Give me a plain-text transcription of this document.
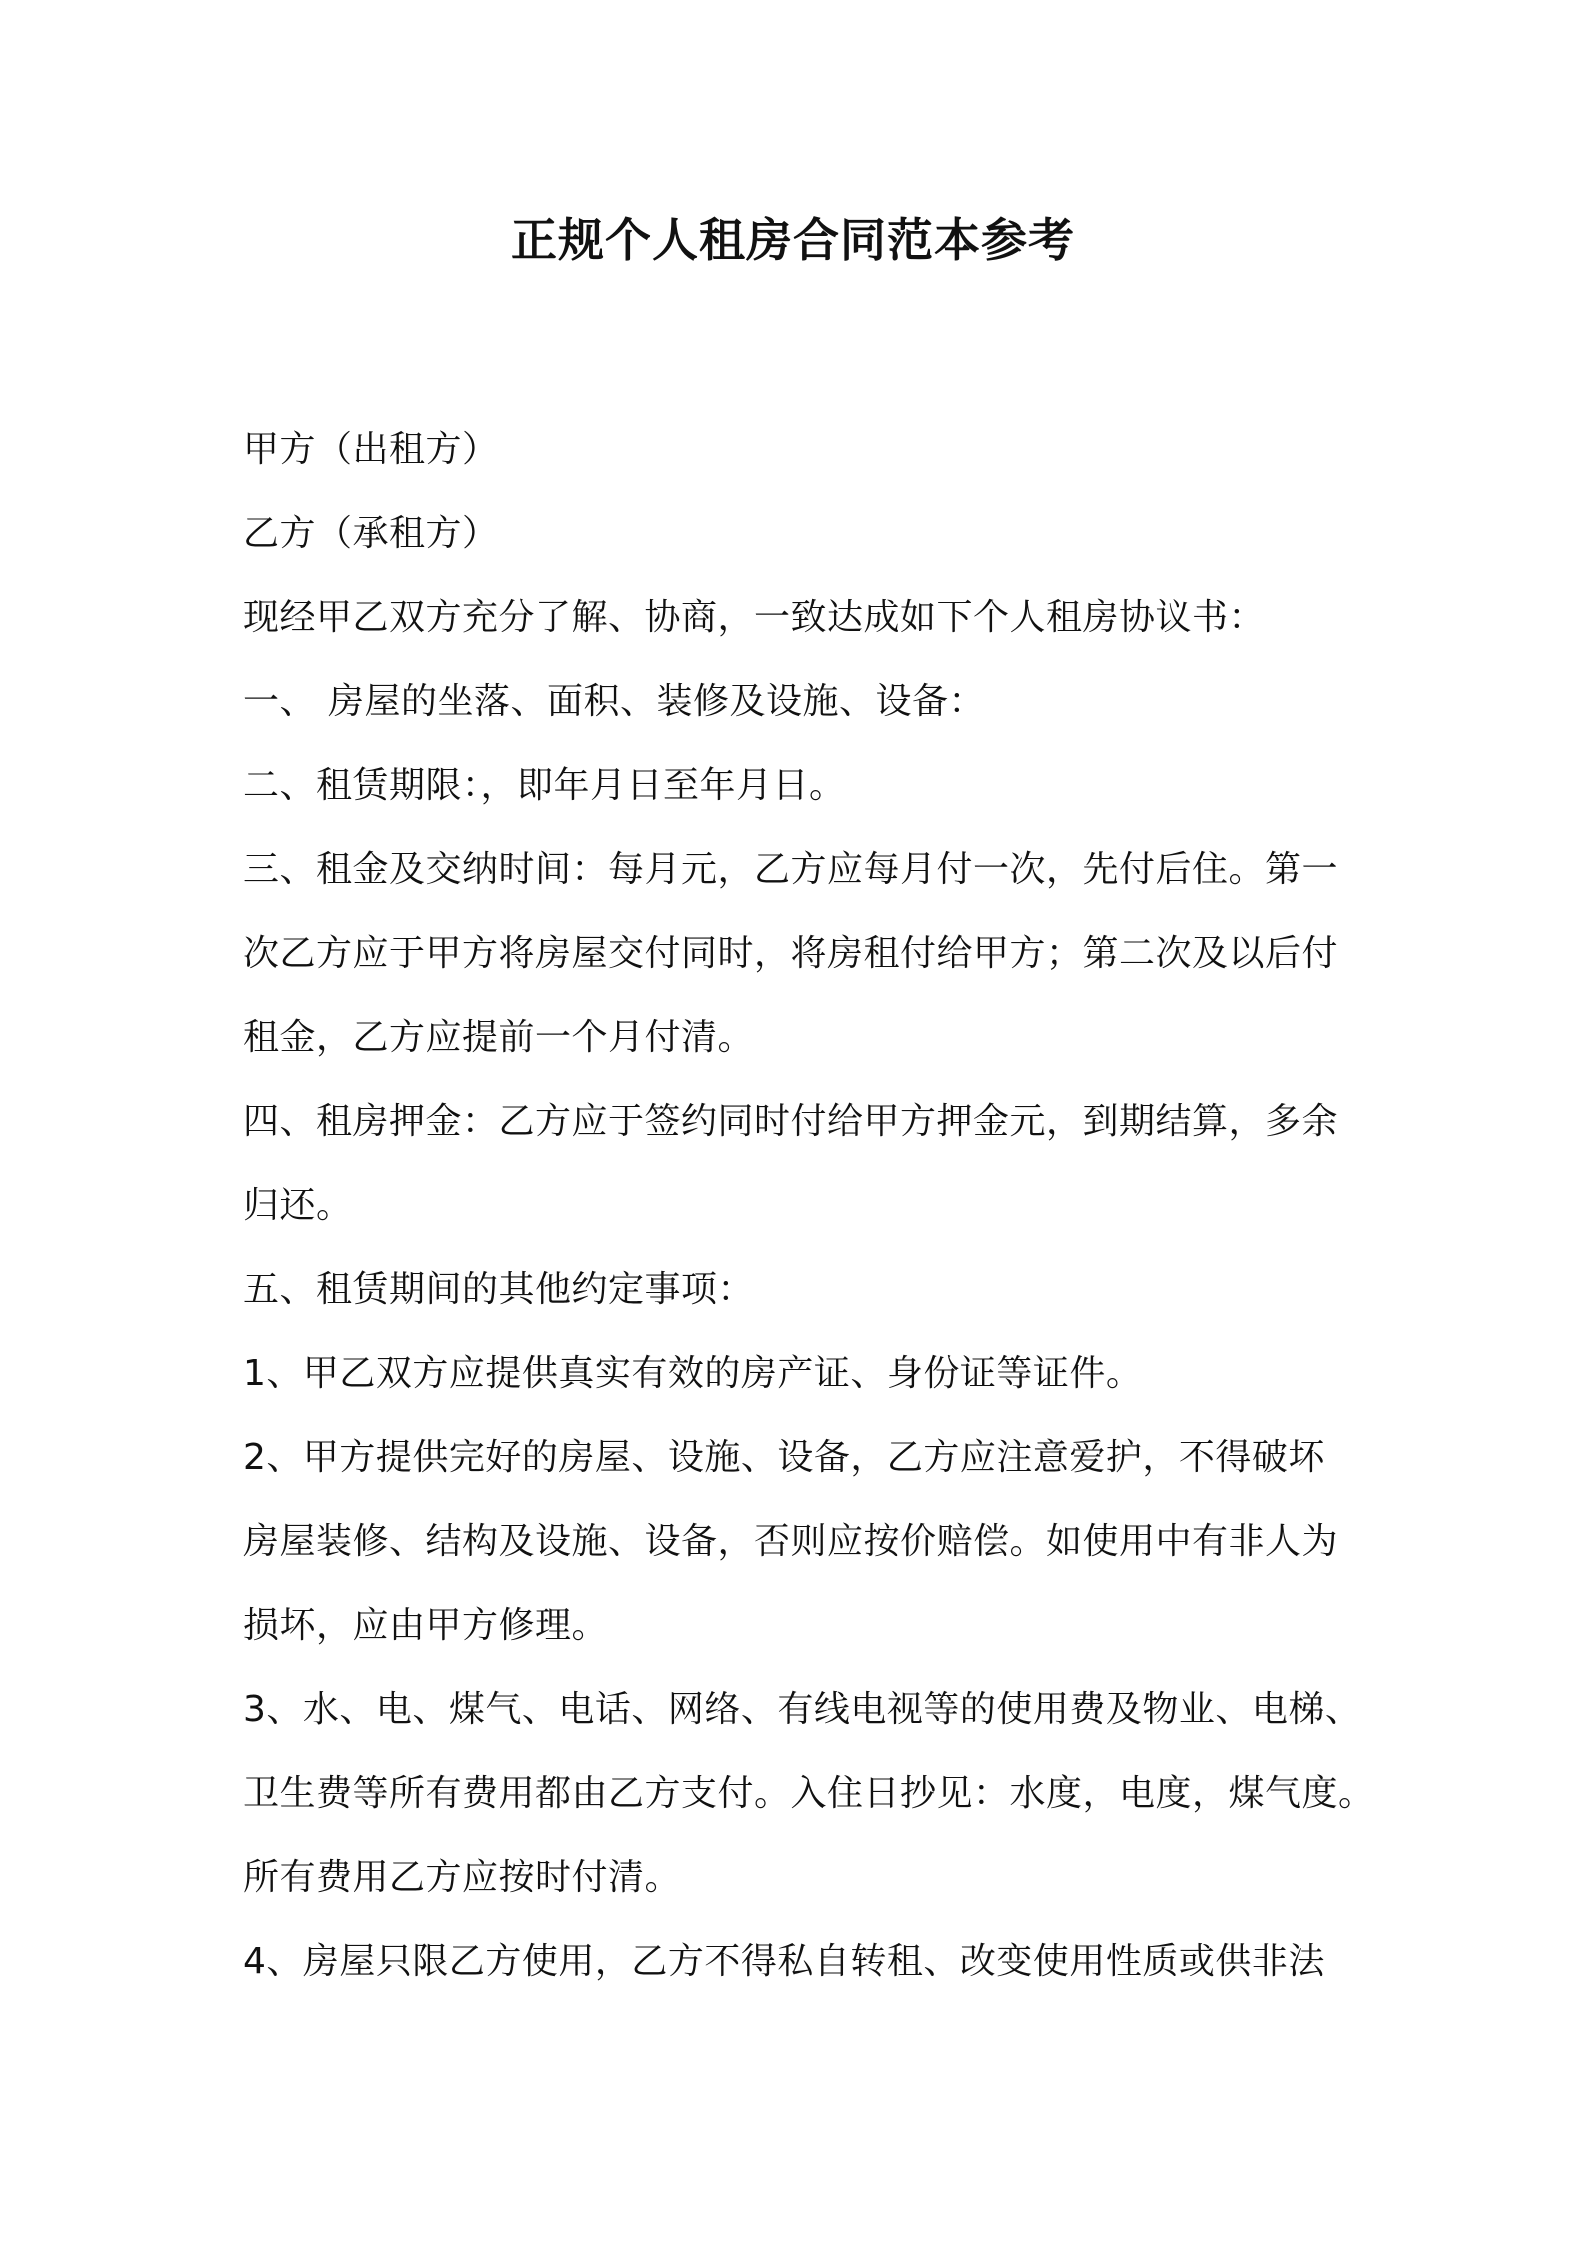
正规个人租房合同范本参考
甲方（出租方）
乙方（承租方）
现经甲乙双方充分了解、协商，一致达成如下个人租房协议书：
一、 房屋的坐落、面积、装修及设施、设备：
二、租赁期限：，即年月日至年月日。
三、租金及交纳时间：每月元，乙方应每月付一次，先付后住。第一
次乙方应于甲方将房屋交付同时，将房租付给甲方；第二次及以后付
租金，乙方应提前一个月付清。
四、租房押金：乙方应于签约同时付给甲方押金元，到期结算，多余
归还。
五、租赁期间的其他约定事项：
1、甲乙双方应提供真实有效的房产证、身份证等证件。
2、甲方提供完好的房屋、设施、设备，乙方应注意爱护，不得破坏
房屋装修、结构及设施、设备，否则应按价赔偿。如使用中有非人为
损坏，应由甲方修理。
3、水、电、煤气、电话、网络、有线电视等的使用费及物业、电梯、
卫生费等所有费用都由乙方支付。入住日抄见：水度，电度，煤气度。
所有费用乙方应按时付清。
4、房屋只限乙方使用，乙方不得私自转租、改变使用性质或供非法
